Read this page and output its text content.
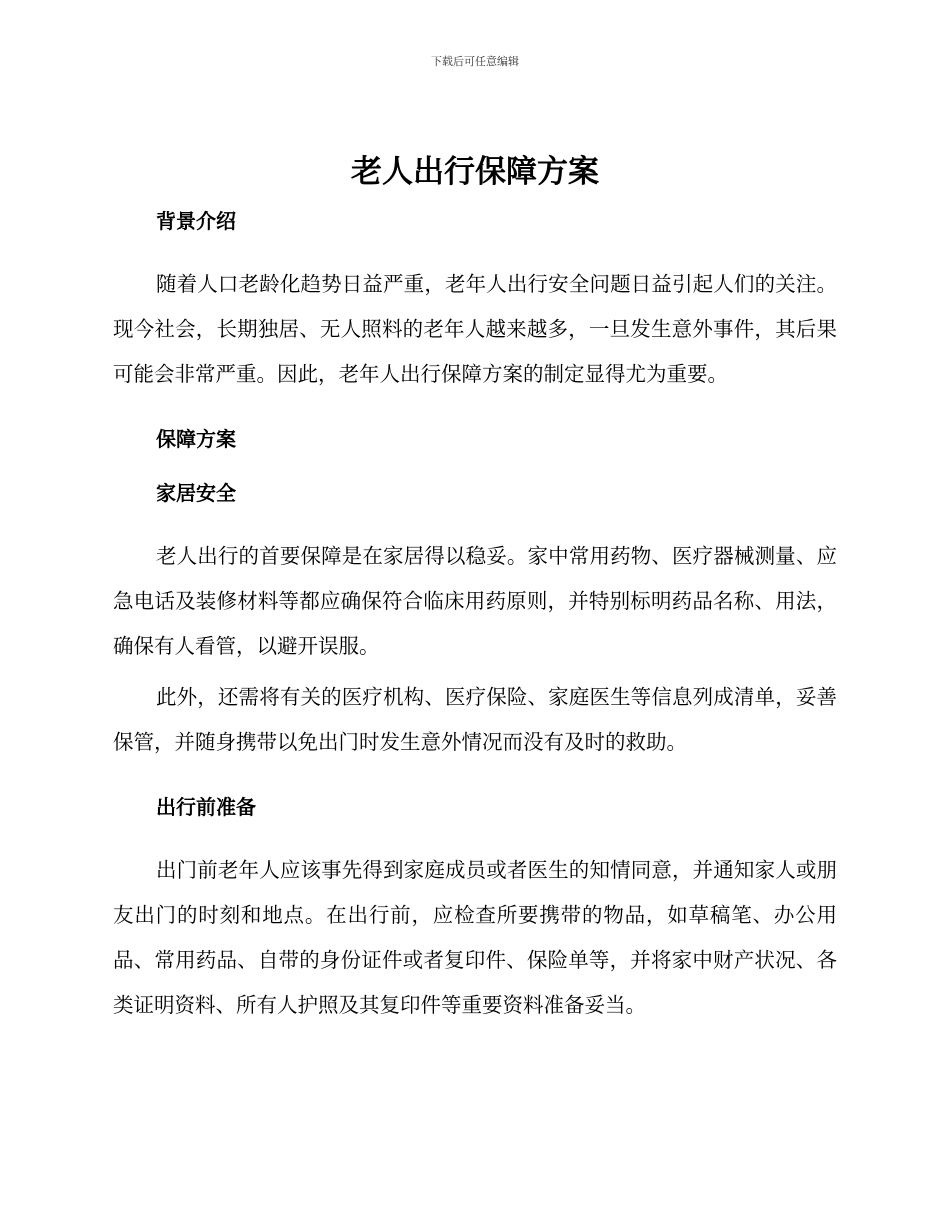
下载后可任意编辑
老人出行保障方案
背景介绍

随着人口老龄化趋势日益严重，老年人出行安全问题日益引起人们的关注。现今社会，长期独居、无人照料的老年人越来越多，一旦发生意外事件，其后果可能会非常严重。因此，老年人出行保障方案的制定显得尤为重要。

保障方案
家居安全

老人出行的首要保障是在家居得以稳妥。家中常用药物、医疗器械测量、应急电话及装修材料等都应确保符合临床用药原则，并特别标明药品名称、用法，确保有人看管，以避开误服。

此外，还需将有关的医疗机构、医疗保险、家庭医生等信息列成清单，妥善保管，并随身携带以免出门时发生意外情况而没有及时的救助。

出行前准备

出门前老年人应该事先得到家庭成员或者医生的知情同意，并通知家人或朋友出门的时刻和地点。在出行前，应检查所要携带的物品，如草稿笔、办公用品、常用药品、自带的身份证件或者复印件、保险单等，并将家中财产状况、各类证明资料、所有人护照及其复印件等重要资料准备妥当。
